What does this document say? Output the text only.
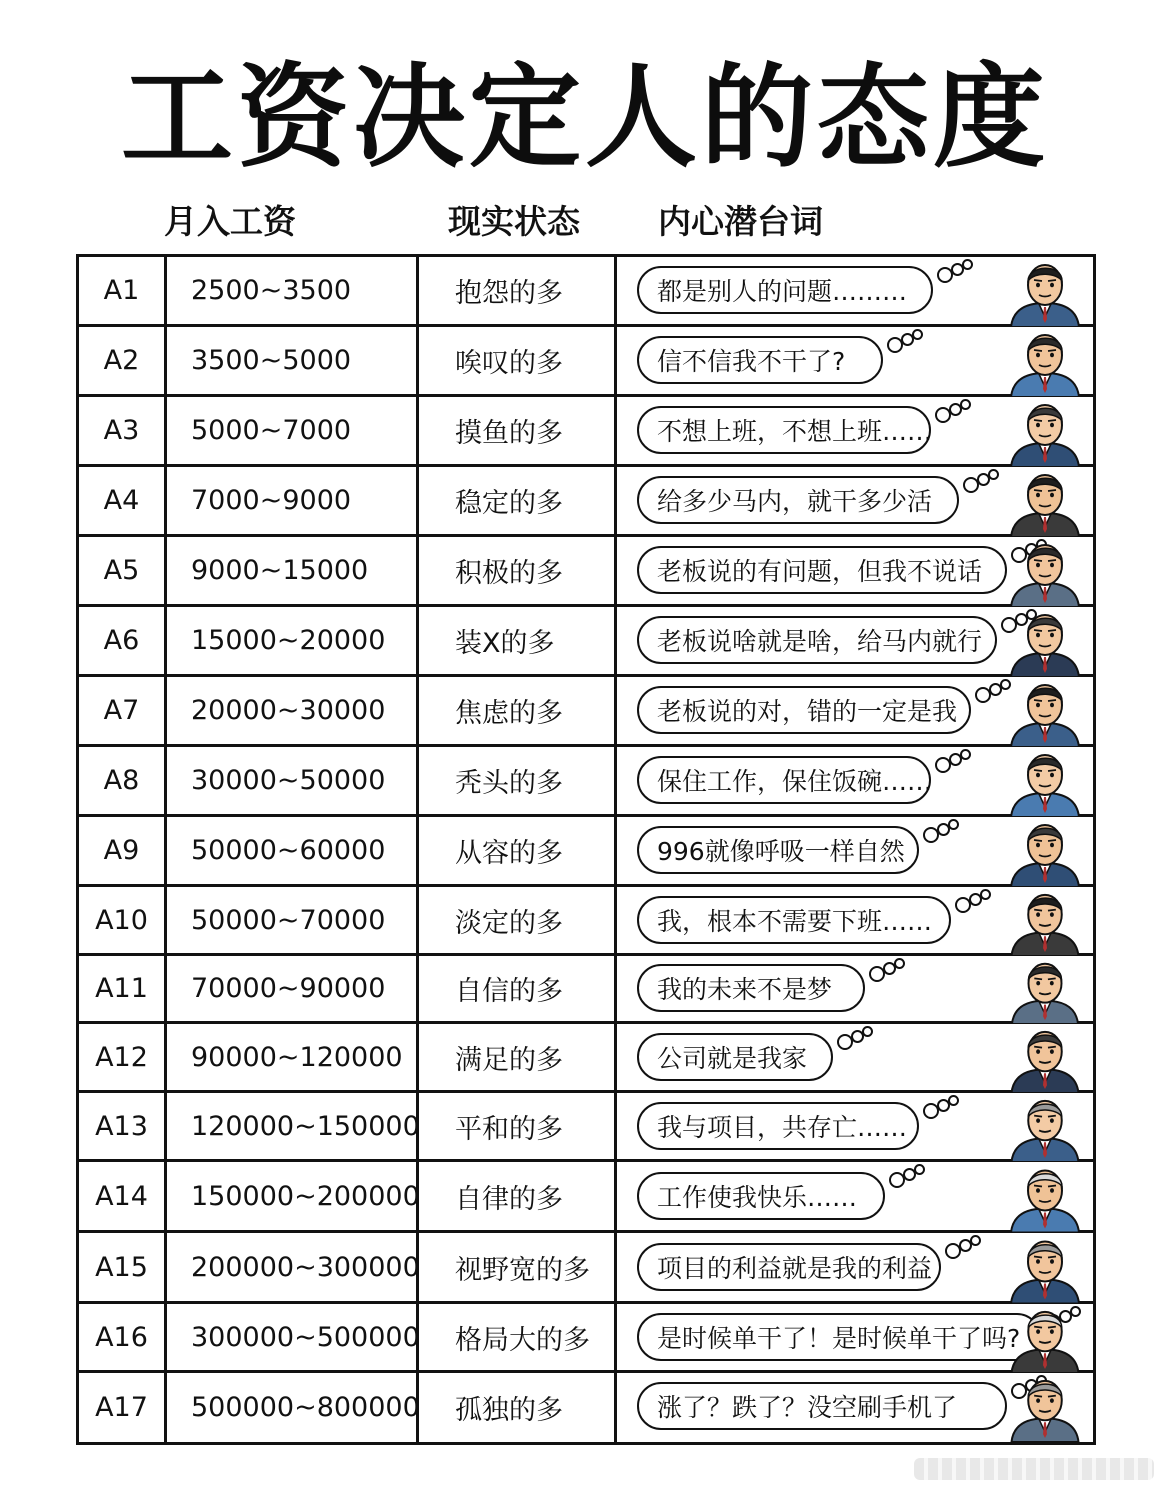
工资决定人的态度
月入工资	现实状态 内心潜台词
A1	2500~3500	抱怨的多	都是别人的问题………
A2	3500~5000	唉叹的多	信不信我不干了?
A3	5000~7000	摸鱼的多	不想上班，不想上班……
A4	7000~9000	稳定的多	给多少马内，就干多少活
A5	9000~15000	积极的多	老板说的有问题，但我不说话
A6	15000~20000	装X的多	老板说啥就是啥，给马内就行
A7	20000~30000	焦虑的多	老板说的对，错的一定是我
A8	30000~50000	秃头的多	保住工作，保住饭碗……
A9	50000~60000	从容的多	996就像呼吸一样自然
A10	50000~70000	淡定的多	我，根本不需要下班……
A11	70000~90000	自信的多	我的未来不是梦
A12	90000~120000	满足的多	公司就是我家
A13	120000~150000	平和的多	我与项目，共存亡……
A14	150000~200000	自律的多	工作使我快乐……
A15	200000~300000	视野宽的多	项目的利益就是我的利益
A16	300000~500000	格局大的多	是时候单干了！是时候单干了吗?
A17	500000~800000	孤独的多	涨了？跌了？没空刷手机了
